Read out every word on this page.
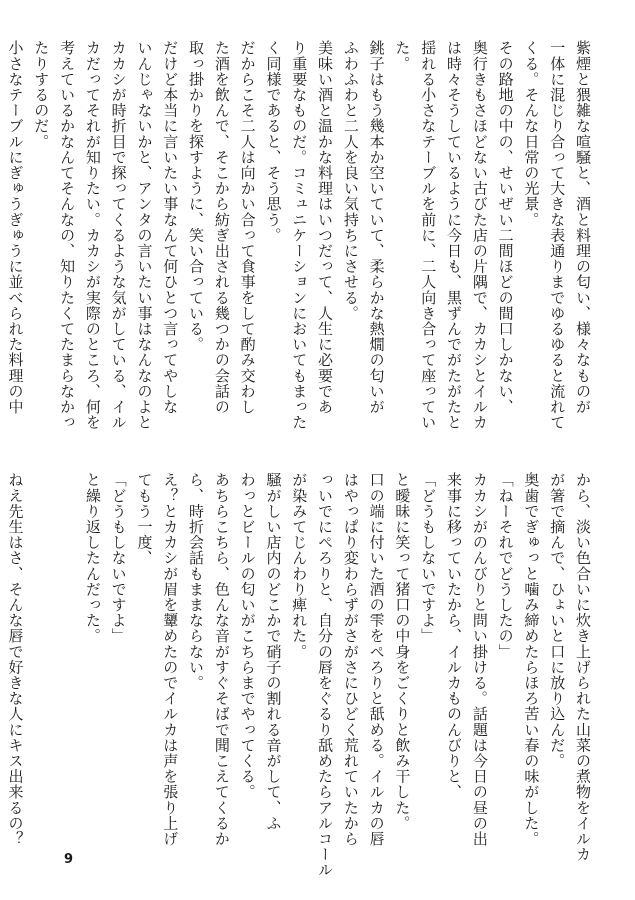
紫煙と猥雑な喧騒と、酒と料理の匂い、様々なものが
一体に混じり合って大きな表通りまでゆるゆると流れて
くる。そんな日常の光景。
その路地の中の、せいぜい二間ほどの間口しかない、
奥行きもさほどない古びた店の片隅で、カカシとイルカ
は時々そうしているように今日も、黒ずんでがたがたと
揺れる小さなテーブルを前に、二人向き合って座ってい
た。
銚子はもう幾本か空いていて、柔らかな熱燗の匂いが
ふわふわと二人を良い気持ちにさせる。
美味い酒と温かな料理はいつだって、人生に必要であ
り重要なものだ。コミュニケーションにおいてもまった
く同様であると、そう思う。
だからこそ二人は向かい合って食事をして酌み交わし
た酒を飲んで、そこから紡ぎ出される幾つかの会話の
取っ掛かりを探すように、笑い合っている。
だけど本当に言いたい事なんて何ひとつ言ってやしな
いんじゃないかと、アンタの言いたい事はなんなのよと
カカシが時折目で探ってくるような気がしている、イル
カだってそれが知りたい。カカシが実際のところ、何を
考えているかなんてそんなの、知りたくてたまらなかっ
たりするのだ。
小さなテーブルにぎゅうぎゅうに並べられた料理の中
から、淡い色合いに炊き上げられた山菜の煮物をイルカ
が箸で摘んで、ひょいと口に放り込んだ。
奥歯でぎゅっと噛み締めたらほろ苦い春の味がした。
「ねーそれでどうしたの」
カカシがのんびりと問い掛ける。話題は今日の昼の出
来事に移っていたから、イルカものんびりと、
「どうもしないですよ」
と曖昧に笑って猪口の中身をごくりと飲み干した。
口の端に付いた酒の雫をぺろりと舐める。イルカの唇
はやっぱり変わらずがさがさにひどく荒れていたから
っいでにぺろりと、自分の唇をぐるり舐めたらアルコール
が染みてじんわり痺れた。
騒がしい店内のどこかで硝子の割れる音がして、ふ
わっとビールの匂いがこちらまでやってくる。
あちらこちら、色んな音がすぐそばで聞こえてくるか
ら、時折会話もままならない。
え？とカカシが眉を顰めたのでイルカは声を張り上げ
てもう一度、
「どうもしないですよ」
と繰り返したんだった。
ねえ先生はさ、そんな唇で好きな人にキス出来るの？
9
